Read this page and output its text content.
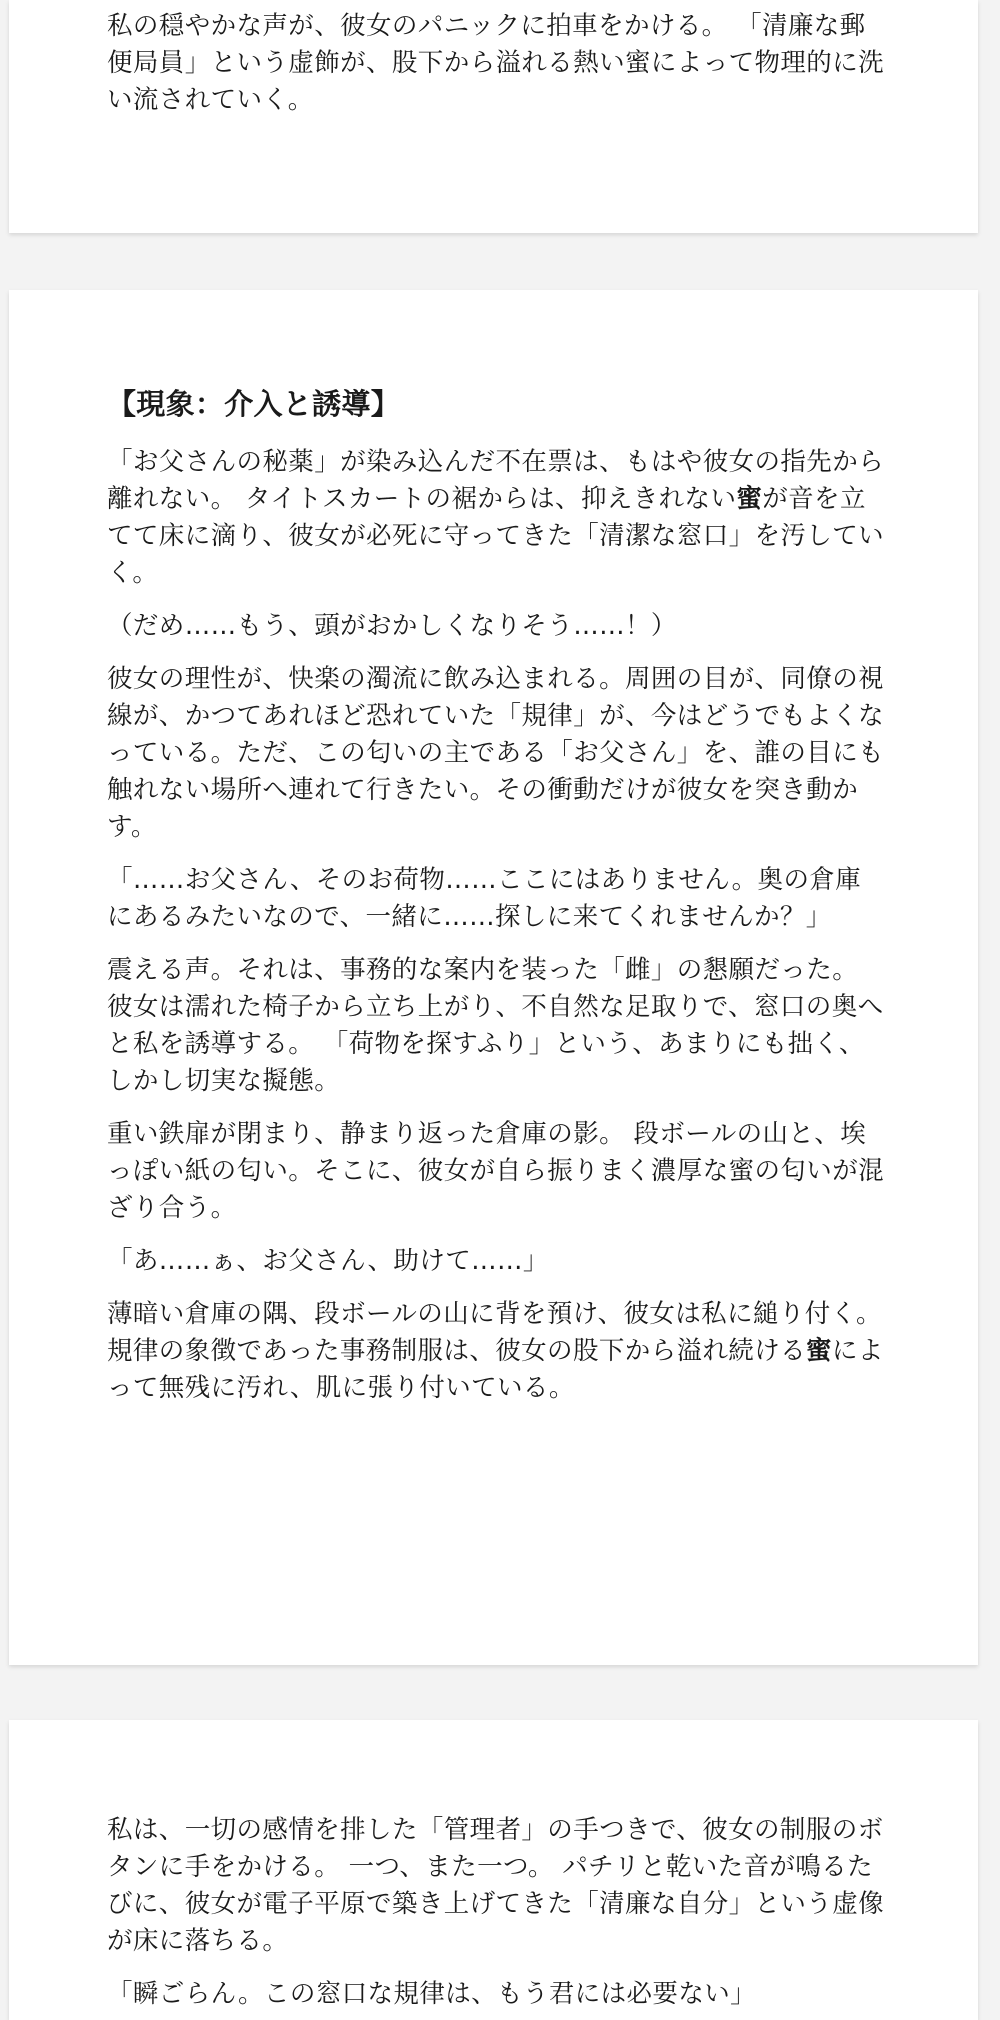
私の穏やかな声が、彼女のパニックに拍車をかける。 「清廉な郵便局員」という虚飾が、股下から溢れる熱い蜜によって物理的に洗い流されていく。

【現象：介入と誘導】

「お父さんの秘薬」が染み込んだ不在票は、もはや彼女の指先から離れない。 タイトスカートの裾からは、抑えきれない蜜が音を立てて床に滴り、彼女が必死に守ってきた「清潔な窓口」を汚していく。

（だめ……もう、頭がおかしくなりそう……！）

彼女の理性が、快楽の濁流に飲み込まれる。周囲の目が、同僚の視線が、かつてあれほど恐れていた「規律」が、今はどうでもよくなっている。ただ、この匂いの主である「お父さん」を、誰の目にも触れない場所へ連れて行きたい。その衝動だけが彼女を突き動かす。

「……お父さん、そのお荷物……ここにはありません。奥の倉庫にあるみたいなので、一緒に……探しに来てくれませんか？」

震える声。それは、事務的な案内を装った「雌」の懇願だった。 彼女は濡れた椅子から立ち上がり、不自然な足取りで、窓口の奥へと私を誘導する。 「荷物を探すふり」という、あまりにも拙く、しかし切実な擬態。

重い鉄扉が閉まり、静まり返った倉庫の影。 段ボールの山と、埃っぽい紙の匂い。そこに、彼女が自ら振りまく濃厚な蜜の匂いが混ざり合う。

「あ……ぁ、お父さん、助けて……」

薄暗い倉庫の隅、段ボールの山に背を預け、彼女は私に縋り付く。 規律の象徴であった事務制服は、彼女の股下から溢れ続ける蜜によって無残に汚れ、肌に張り付いている。

私は、一切の感情を排した「管理者」の手つきで、彼女の制服のボタンに手をかける。 一つ、また一つ。 パチリと乾いた音が鳴るたびに、彼女が電子平原で築き上げてきた「清廉な自分」という虚像が床に落ちる。

「瞬ごらん。この窓口な規律は、もう君には必要ない」
